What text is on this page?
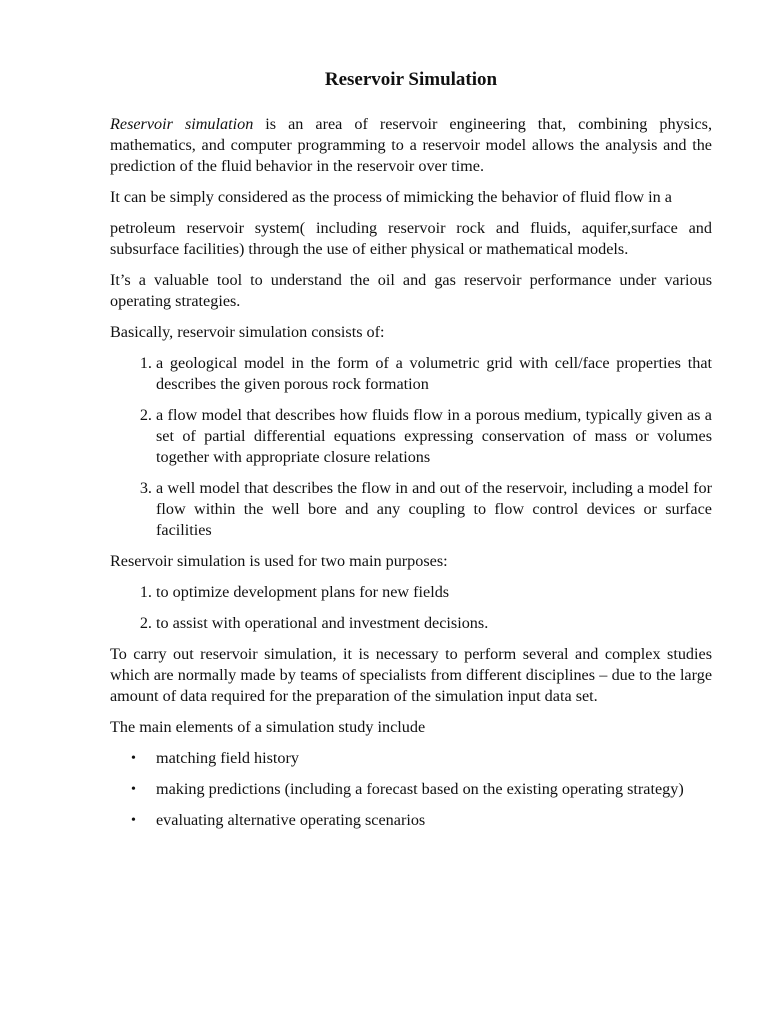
Reservoir Simulation

Reservoir simulation is an area of reservoir engineering that, combining physics, mathematics, and computer programming to a reservoir model allows the analysis and the prediction of the fluid behavior in the reservoir over time.

It can be simply considered as the process of mimicking the behavior of fluid flow in a

petroleum reservoir system( including reservoir rock and fluids, aquifer,surface and subsurface facilities) through the use of either physical or mathematical models.

It’s a valuable tool to understand the oil and gas reservoir performance under various operating strategies.

Basically, reservoir simulation consists of:

1. a geological model in the form of a volumetric grid with cell/face properties that describes the given porous rock formation
2. a flow model that describes how fluids flow in a porous medium, typically given as a set of partial differential equations expressing conservation of mass or volumes together with appropriate closure relations
3. a well model that describes the flow in and out of the reservoir, including a model for flow within the well bore and any coupling to flow control devices or surface facilities

Reservoir simulation is used for two main purposes:

1. to optimize development plans for new fields
2. to assist with operational and investment decisions.

To carry out reservoir simulation, it is necessary to perform several and complex studies which are normally made by teams of specialists from different disciplines – due to the large amount of data required for the preparation of the simulation input data set.

The main elements of a simulation study include

• matching field history
• making predictions (including a forecast based on the existing operating strategy)
• evaluating alternative operating scenarios
